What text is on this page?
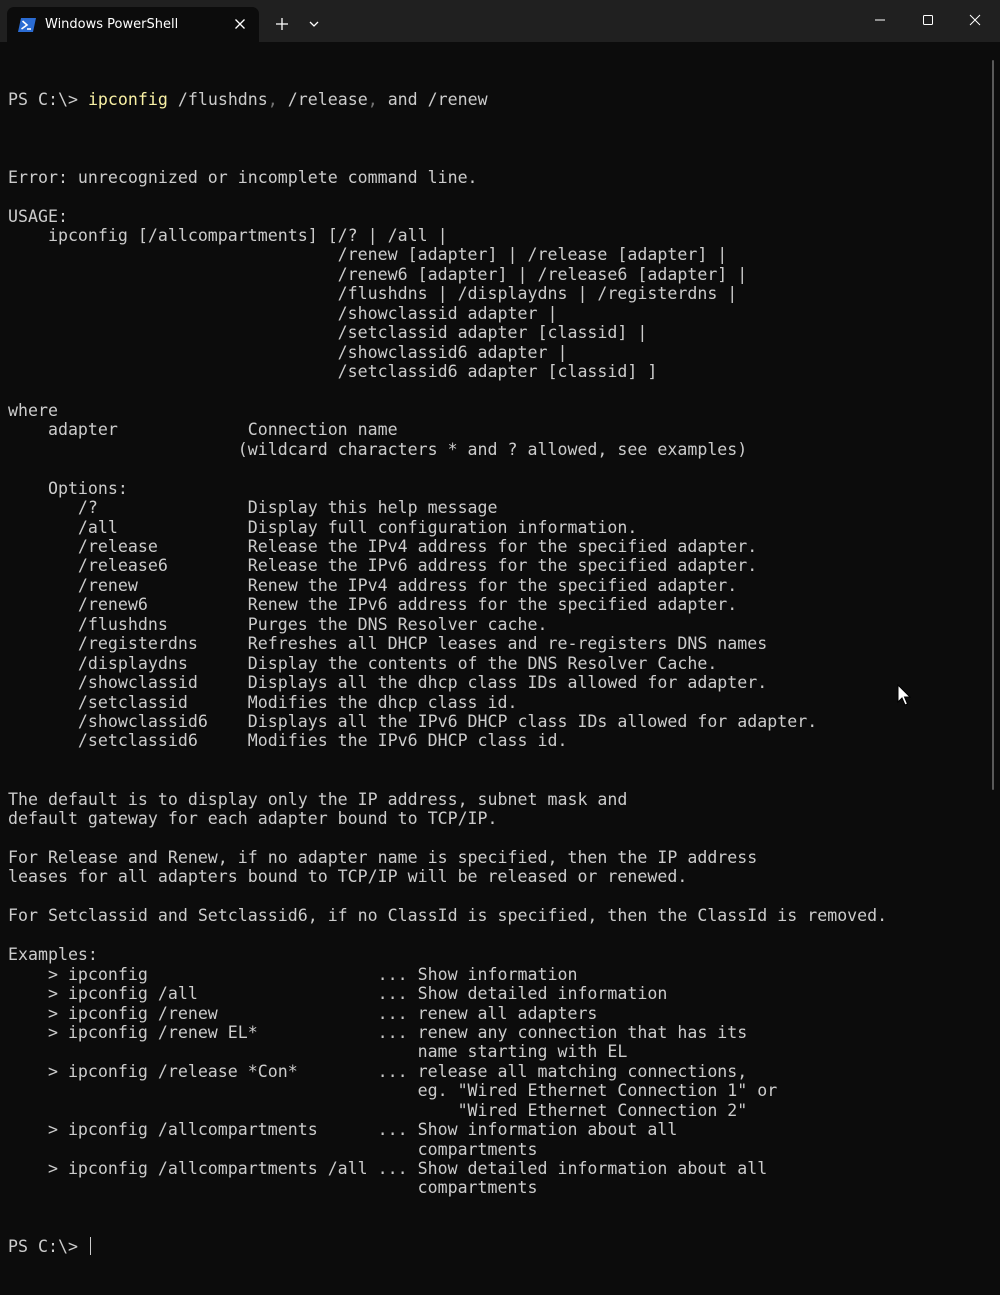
Windows PowerShell

PS C:\> ipconfig /flushdns, /release, and /renew

Error: unrecognized or incomplete command line.
USAGE:
ipconfig [/allcompartments] [/? | /all |
/renew [adapter] | /release [adapter] |
/renew6 [adapter] | /release6 [adapter] |
/flushdns | /displaydns | /registerdns |
/showclassid adapter |
/setclassid adapter [classid] |
/showclassid6 adapter |
/setclassid6 adapter [classid] ]
where
adapter             Connection name
(wildcard characters * and ? allowed, see examples)
Options:
/?               Display this help message
/all             Display full configuration information.
/release         Release the IPv4 address for the specified adapter.
/release6        Release the IPv6 address for the specified adapter.
/renew           Renew the IPv4 address for the specified adapter.
/renew6          Renew the IPv6 address for the specified adapter.
/flushdns        Purges the DNS Resolver cache.
/registerdns     Refreshes all DHCP leases and re-registers DNS names
/displaydns      Display the contents of the DNS Resolver Cache.
/showclassid     Displays all the dhcp class IDs allowed for adapter.
/setclassid      Modifies the dhcp class id.
/showclassid6    Displays all the IPv6 DHCP class IDs allowed for adapter.
/setclassid6     Modifies the IPv6 DHCP class id.
The default is to display only the IP address, subnet mask and
default gateway for each adapter bound to TCP/IP.
For Release and Renew, if no adapter name is specified, then the IP address
leases for all adapters bound to TCP/IP will be released or renewed.
For Setclassid and Setclassid6, if no ClassId is specified, then the ClassId is removed.
Examples:
> ipconfig                       ... Show information
> ipconfig /all                  ... Show detailed information
> ipconfig /renew                ... renew all adapters
> ipconfig /renew EL*            ... renew any connection that has its
name starting with EL
> ipconfig /release *Con*        ... release all matching connections,
eg. "Wired Ethernet Connection 1" or
"Wired Ethernet Connection 2"
> ipconfig /allcompartments      ... Show information about all
compartments
> ipconfig /allcompartments /all ... Show detailed information about all
compartments

PS C:\>
